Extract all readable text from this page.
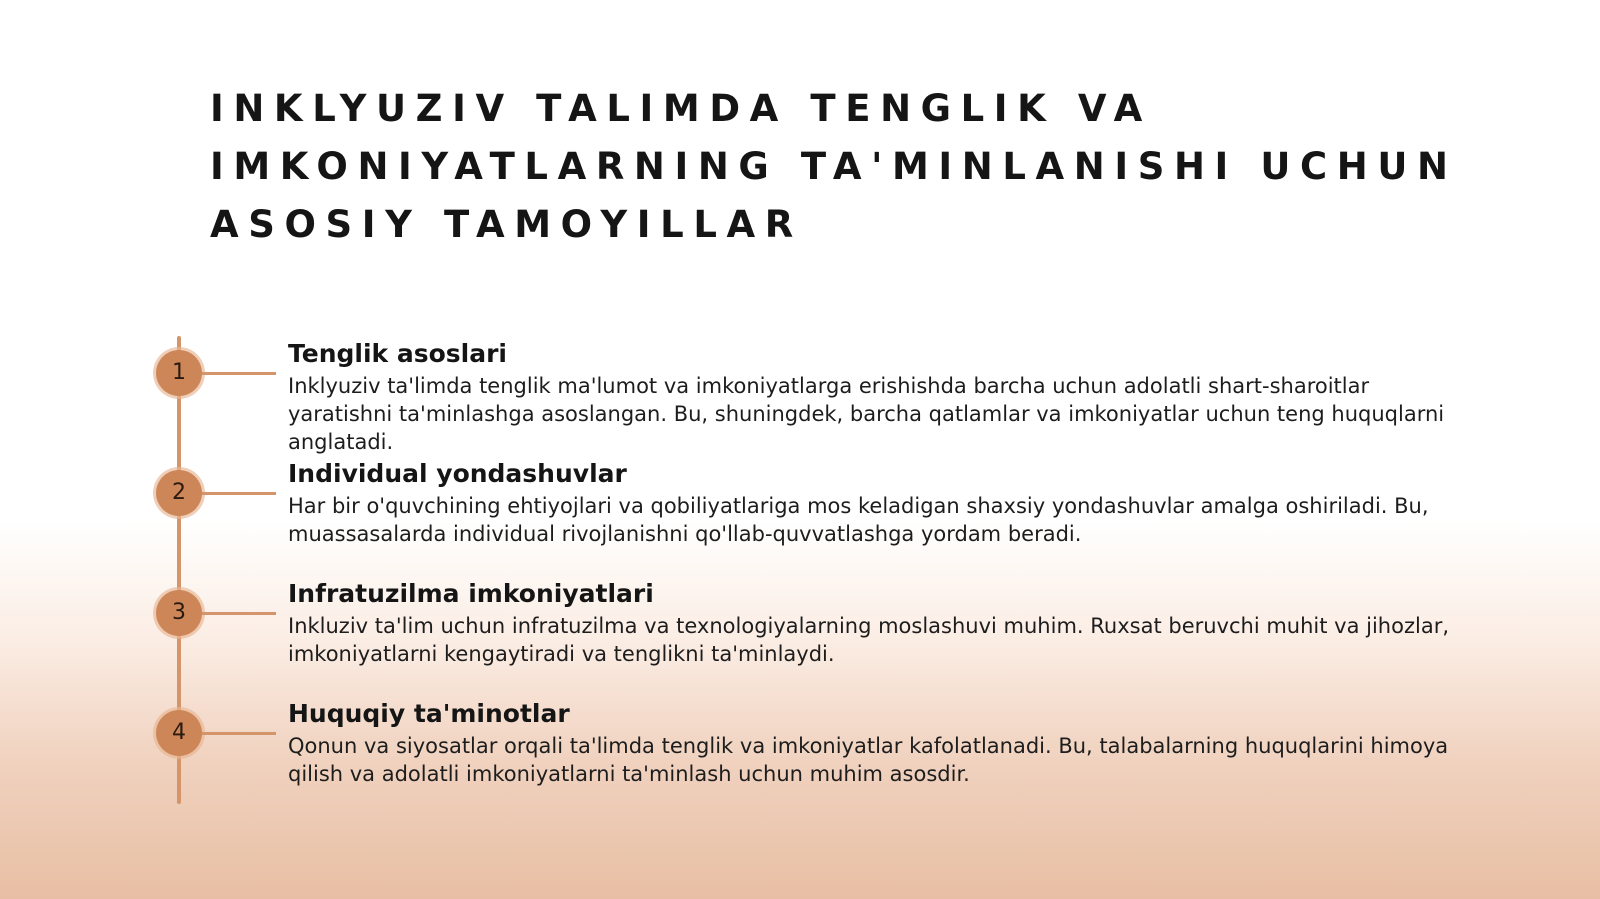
INKLYUZIV TALIMDA TENGLIK VA IMKONIYATLARNING TA'MINLANISHI UCHUN ASOSIY TAMOYILLAR
1
Tenglik asoslari

Inklyuziv ta'limda tenglik ma'lumot va imkoniyatlarga erishishda barcha uchun adolatli shart-sharoitlar yaratishni ta'minlashga asoslangan. Bu, shuningdek, barcha qatlamlar va imkoniyatlar uchun teng huquqlarni anglatadi.

2
Individual yondashuvlar

Har bir o'quvchining ehtiyojlari va qobiliyatlariga mos keladigan shaxsiy yondashuvlar amalga oshiriladi. Bu, muassasalarda individual rivojlanishni qo'llab-quvvatlashga yordam beradi.

3
Infratuzilma imkoniyatlari

Inkluziv ta'lim uchun infratuzilma va texnologiyalarning moslashuvi muhim. Ruxsat beruvchi muhit va jihozlar, imkoniyatlarni kengaytiradi va tenglikni ta'minlaydi.

4
Huquqiy ta'minotlar

Qonun va siyosatlar orqali ta'limda tenglik va imkoniyatlar kafolatlanadi. Bu, talabalarning huquqlarini himoya qilish va adolatli imkoniyatlarni ta'minlash uchun muhim asosdir.
